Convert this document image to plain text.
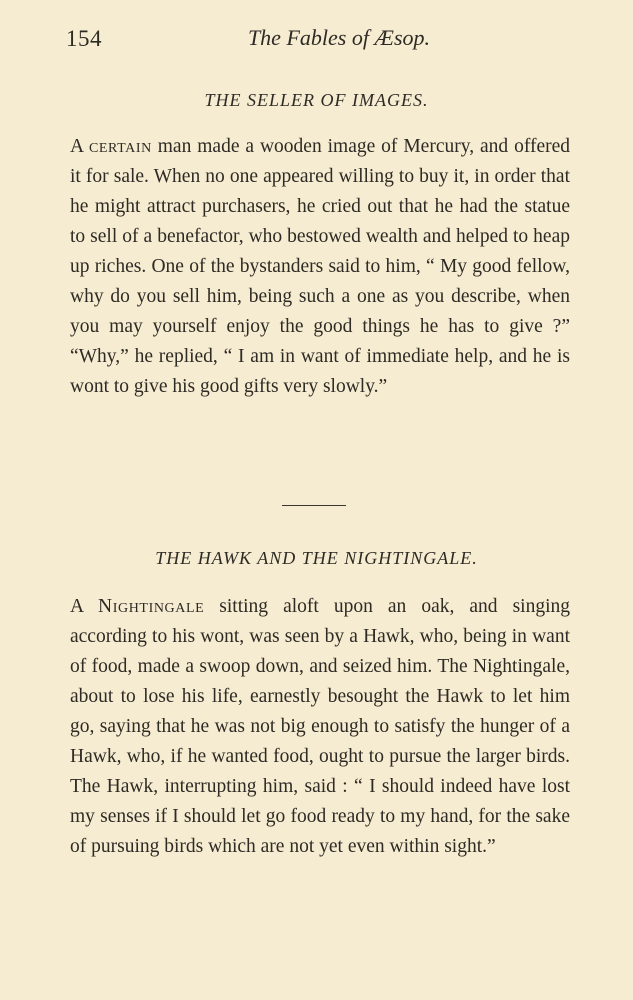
154	The Fables of Æsop.
THE SELLER OF IMAGES.

A certain man made a wooden image of Mercury, and offered it for sale. When no one appeared willing to buy it, in order that he might attract purchasers, he cried out that he had the statue to sell of a benefactor, who bestowed wealth and helped to heap up riches. One of the bystanders said to him, “ My good fellow, why do you sell him, being such a one as you describe, when you may yourself enjoy the good things he has to give ?” “Why,” he replied, “ I am in want of immediate help, and he is wont to give his good gifts very slowly.”

THE HAWK AND THE NIGHTINGALE.

A Nightingale sitting aloft upon an oak, and singing according to his wont, was seen by a Hawk, who, being in want of food, made a swoop down, and seized him. The Nightingale, about to lose his life, earnestly besought the Hawk to let him go, saying that he was not big enough to satisfy the hunger of a Hawk, who, if he wanted food, ought to pursue the larger birds. The Hawk, interrupting him, said : “ I should indeed have lost my senses if I should let go food ready to my hand, for the sake of pursuing birds which are not yet even within sight.”
